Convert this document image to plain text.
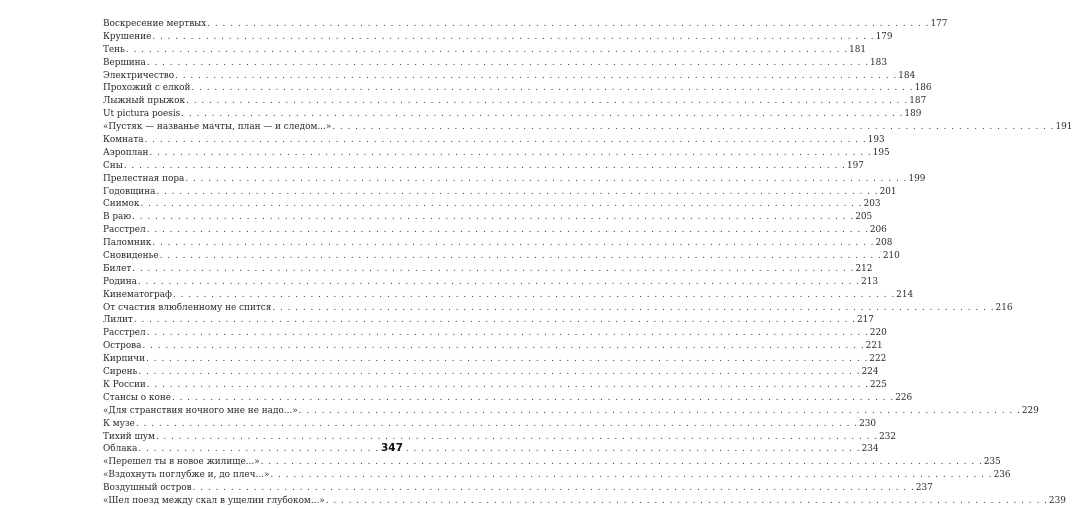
Воскресение мертвых . . .	177
Крушение . . .	179
Тень . . .	181
Вершина . . .	183
Электричество . . .	184
Прохожий с елкой . . .	186
Лыжный прыжок . . .	187
Ut pictura poesis . . .	189
«Пустяк — названье мачты, план — и следом...» . . .	191
Комната . . .	193
Аэроплан . . .	195
Сны . . .	197
Прелестная пора . . .	199
Годовщина . . .	201
Снимок . . .	203
В раю . . .	205
Расстрел . . .	206
Паломник . . .	208
Сновиденье . . .	210
Билет . . .	212
Родина . . .	213
Кинематограф . . .	214
От счастия влюбленному не спится . . .	216
Лилит . . .	217
Расстрел . . .	220
Острова . . .	221
Кирпичи . . .	222
Сирень . . .	224
К России . . .	225
Стансы о коне . . .	226
«Для странствия ночного мне не надо...» . . .	229
К музе . . .	230
Тихий шум . . .	232
Облака . . .	234
«Перешел ты в новое жилище...» . . .	235
«Вздохнуть поглубже и, до плеч...» . . .	236
Воздушный остров . . .	237
«Шел поезд между скал в ущелии глубоком...» . . .	239
347
